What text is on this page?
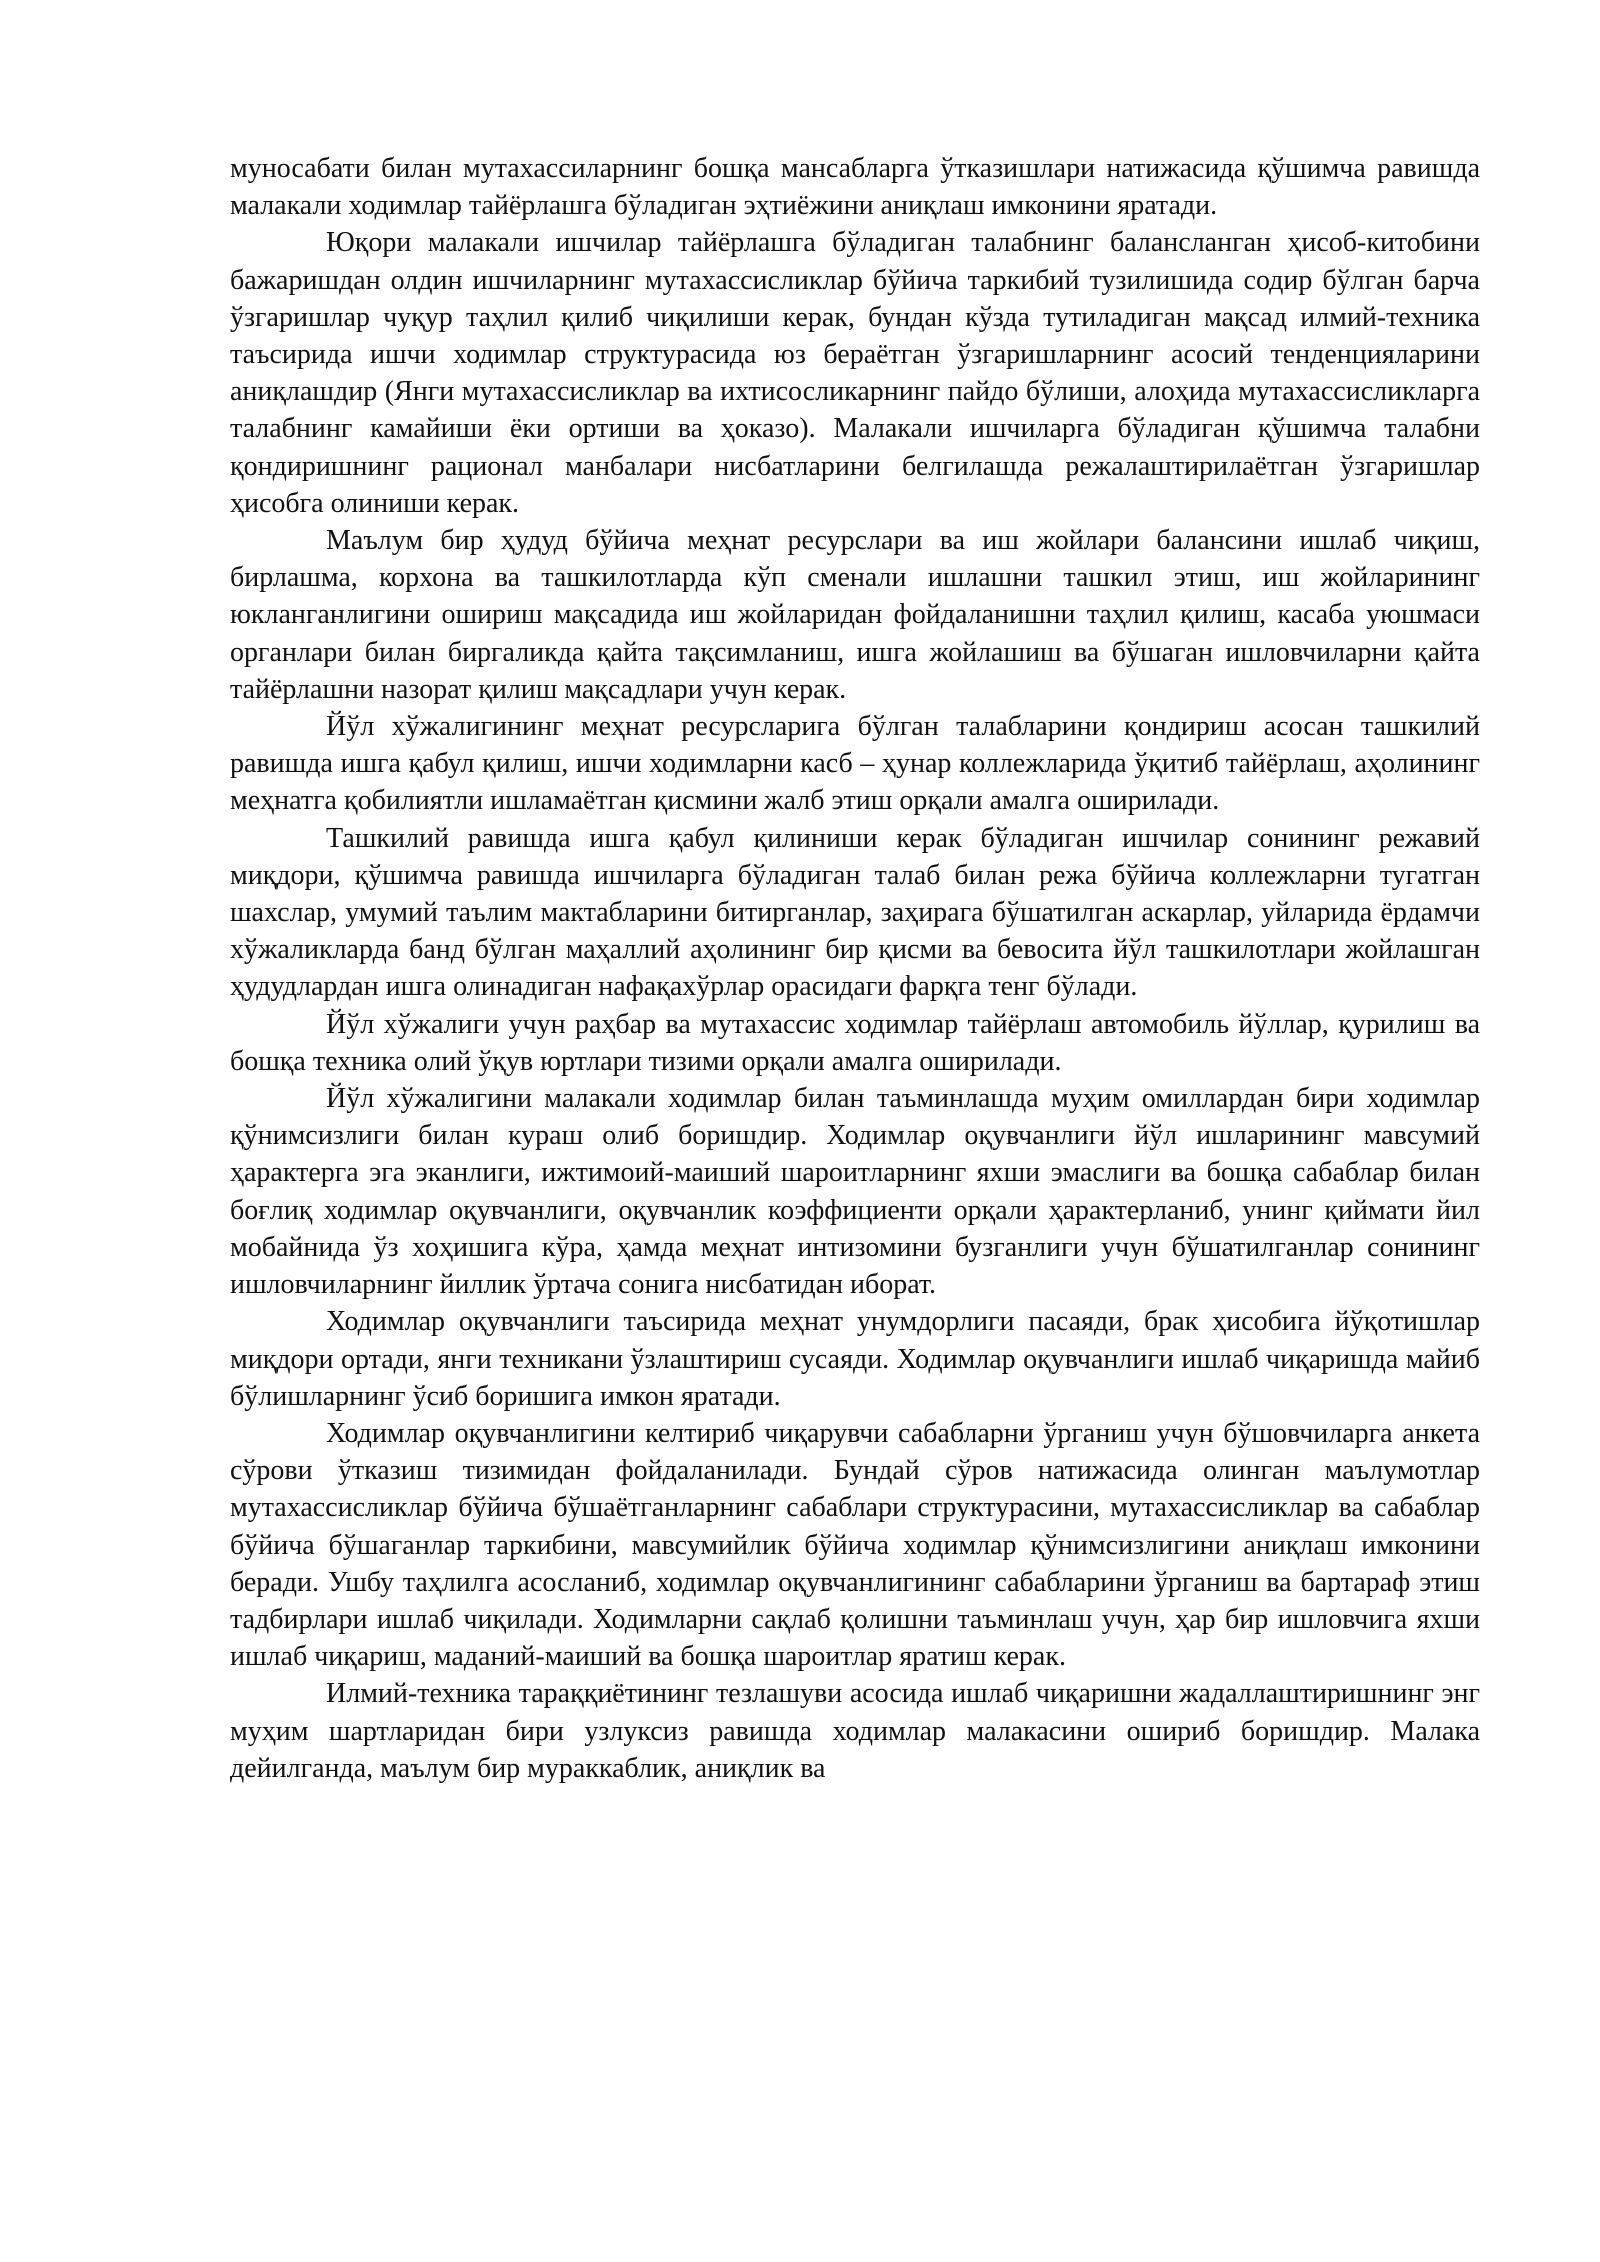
муносабати билан мутахассиларнинг бошқа мансабларга ўтказишлари натижасида қўшимча равишда малакали ходимлар тайёрлашга бўладиган эҳтиёжини аниқлаш имконини яратади.

Юқори малакали ишчилар тайёрлашга бўладиган талабнинг балансланган ҳисоб-китобини бажаришдан олдин ишчиларнинг мутахассисликлар бўйича таркибий тузилишида содир бўлган барча ўзгаришлар чуқур таҳлил қилиб чиқилиши керак, бундан кўзда тутиладиган мақсад илмий-техника таъсирида ишчи ходимлар структурасида юз бераётган ўзгаришларнинг асосий тенденцияларини аниқлашдир (Янги мутахассисликлар ва ихтисосликарнинг пайдо бўлиши, алоҳида мутахассисликларга талабнинг камайиши ёки ортиши ва ҳоказо). Малакали ишчиларга бўладиган қўшимча талабни қондиришнинг рационал манбалари нисбатларини белгилашда режалаштирилаётган ўзгаришлар ҳисобга олиниши керак.

Маълум бир ҳудуд бўйича меҳнат ресурслари ва иш жойлари балансини ишлаб чиқиш, бирлашма, корхона ва ташкилотларда кўп сменали ишлашни ташкил этиш, иш жойларининг юкланганлигини ошириш мақсадида иш жойларидан фойдаланишни таҳлил қилиш, касаба уюшмаси органлари билан биргаликда қайта тақсимланиш, ишга жойлашиш ва бўшаган ишловчиларни қайта тайёрлашни назорат қилиш мақсадлари учун керак.

Йўл хўжалигининг меҳнат ресурсларига бўлган талабларини қондириш асосан ташкилий равишда ишга қабул қилиш, ишчи ходимларни касб – ҳунар коллежларида ўқитиб тайёрлаш, аҳолининг меҳнатга қобилиятли ишламаётган қисмини жалб этиш орқали амалга оширилади.

Ташкилий равишда ишга қабул қилиниши керак бўладиган ишчилар сонининг режавий миқдори, қўшимча равишда ишчиларга бўладиган талаб билан режа бўйича коллежларни тугатган шахслар, умумий таълим мактабларини битирганлар, заҳирага бўшатилган аскарлар, уйларида ёрдамчи хўжаликларда банд бўлган маҳаллий аҳолининг бир қисми ва бевосита йўл ташкилотлари жойлашган ҳудудлардан ишга олинадиган нафақахўрлар орасидаги фарқга тенг бўлади.

Йўл хўжалиги учун раҳбар ва мутахассис ходимлар тайёрлаш автомобиль йўллар, қурилиш ва бошқа техника олий ўқув юртлари тизими орқали амалга оширилади.

Йўл хўжалигини малакали ходимлар билан таъминлашда муҳим омиллардан бири ходимлар қўнимсизлиги билан кураш олиб боришдир. Ходимлар оқувчанлиги йўл ишларининг мавсумий ҳарактерга эга эканлиги, ижтимоий-маиший шароитларнинг яхши эмаслиги ва бошқа сабаблар билан боғлиқ ходимлар оқувчанлиги, оқувчанлик коэффициенти орқали ҳарактерланиб, унинг қиймати йил мобайнида ўз хоҳишига кўра, ҳамда меҳнат интизомини бузганлиги учун бўшатилганлар сонининг ишловчиларнинг йиллик ўртача сонига нисбатидан иборат.

Ходимлар оқувчанлиги таъсирида меҳнат унумдорлиги пасаяди, брак ҳисобига йўқотишлар миқдори ортади, янги техникани ўзлаштириш сусаяди. Ходимлар оқувчанлиги ишлаб чиқаришда майиб бўлишларнинг ўсиб боришига имкон яратади.

Ходимлар оқувчанлигини келтириб чиқарувчи сабабларни ўрганиш учун бўшовчиларга анкета сўрови ўтказиш тизимидан фойдаланилади. Бундай сўров натижасида олинган маълумотлар мутахассисликлар бўйича бўшаётганларнинг сабаблари структурасини, мутахассисликлар ва сабаблар бўйича бўшаганлар таркибини, мавсумийлик бўйича ходимлар қўнимсизлигини аниқлаш имконини беради. Ушбу таҳлилга асосланиб, ходимлар оқувчанлигининг сабабларини ўрганиш ва бартараф этиш тадбирлари ишлаб чиқилади. Ходимларни сақлаб қолишни таъминлаш учун, ҳар бир ишловчига яхши ишлаб чиқариш, маданий-маиший ва бошқа шароитлар яратиш керак.

Илмий-техника тараққиётининг тезлашуви асосида ишлаб чиқаришни жадаллаштиришнинг энг муҳим шартларидан бири узлуксиз равишда ходимлар малакасини ошириб боришдир. Малака дейилганда, маълум бир мураккаблик, аниқлик ва
